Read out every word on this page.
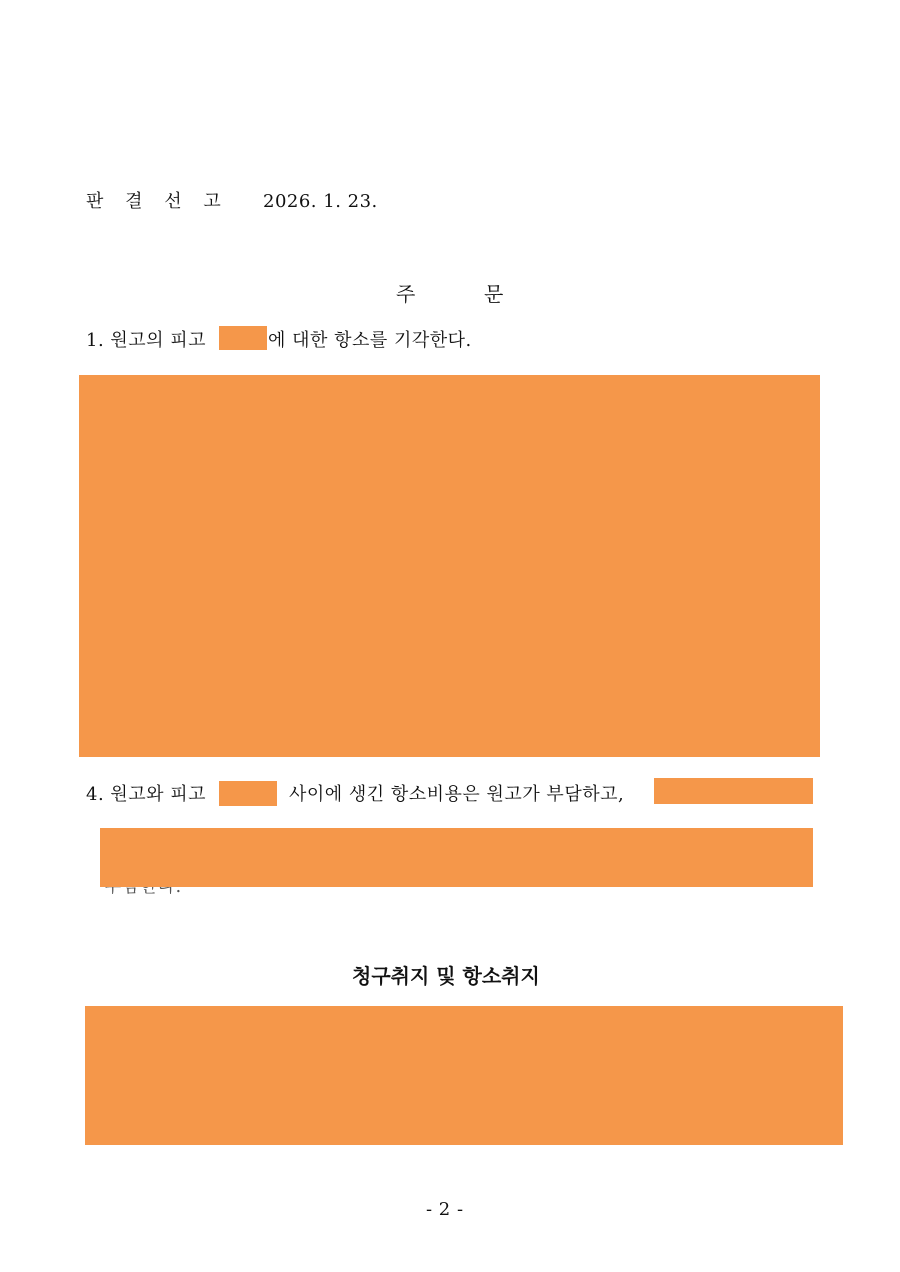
판 결 선 고 2026. 1. 23.
주	문
1. 원고의 피고	에 대한 항소를 기각한다.
4. 원고와 피고	사이에 생긴 항소비용은 원고가 부담하고,
청구취지 및 항소취지
- 2 -
